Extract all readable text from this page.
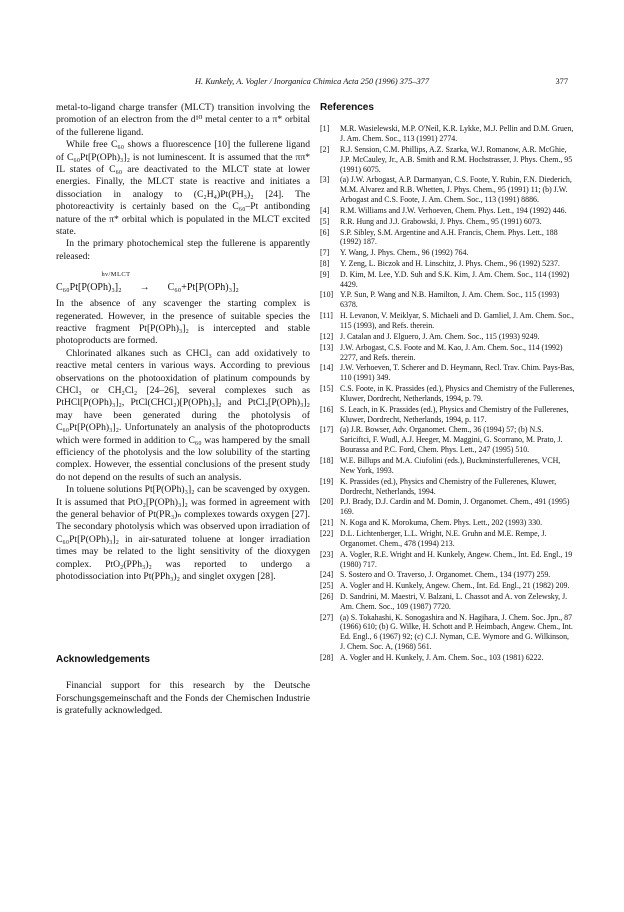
H. Kunkely, A. Vogler / Inorganica Chimica Acta 250 (1996) 375–377	377

metal-to-ligand charge transfer (MLCT) transition involving the promotion of an electron from the d¹⁰ metal center to a π* orbital of the fullerene ligand.

While free C₆₀ shows a fluorescence [10] the fullerene ligand of C₆₀Pt[P(OPh)₃]₂ is not luminescent. It is assumed that the ππ* IL states of C₆₀ are deactivated to the MLCT state at lower energies. Finally, the MLCT state is reactive and initiates a dissociation in analogy to (C₂H₄)Pt(PH₃)₂ [24]. The photoreactivity is certainly based on the C₆₀–Pt antibonding nature of the π* orbital which is populated in the MLCT excited state.

In the primary photochemical step the fullerene is apparently released:

hν/MLCT
C₆₀Pt[P(OPh)₃]₂	→	C₆₀+Pt[P(OPh)₃]₂

In the absence of any scavenger the starting complex is regenerated. However, in the presence of suitable species the reactive fragment Pt[P(OPh)₃]₂ is intercepted and stable photoproducts are formed.

Chlorinated alkanes such as CHCl₃ can add oxidatively to reactive metal centers in various ways. According to previous observations on the photooxidation of platinum compounds by CHCl₃ or CH₂Cl₂ [24–26], several complexes such as PtHCl[P(OPh)₃]₂, PtCl(CHCl₂)[P(OPh)₃]₂ and PtCl₂[P(OPh)₃]₂ may have been generated during the photolysis of C₆₀Pt[P(OPh)₃]₂. Unfortunately an analysis of the photoproducts which were formed in addition to C₆₀ was hampered by the small efficiency of the photolysis and the low solubility of the starting complex. However, the essential conclusions of the present study do not depend on the results of such an analysis.

In toluene solutions Pt[P(OPh)₃]₂ can be scavenged by oxygen. It is assumed that PtO₂[P(OPh)₃]₂ was formed in agreement with the general behavior of Pt(PR₃)ₙ complexes towards oxygen [27]. The secondary photolysis which was observed upon irradiation of C₆₀Pt[P(OPh)₃]₂ in air-saturated toluene at longer irradiation times may be related to the light sensitivity of the dioxygen complex. PtO₂(PPh₃)₂ was reported to undergo a photodissociation into Pt(PPh₃)₂ and singlet oxygen [28].

Acknowledgements
Financial support for this research by the Deutsche Forschungsgemeinschaft and the Fonds der Chemischen Industrie is gratefully acknowledged.
References
[1]	M.R. Wasielewski, M.P. O'Neil, K.R. Lykke, M.J. Pellin and D.M. Gruen, J. Am. Chem. Soc., 113 (1991) 2774.
[2]	R.J. Sension, C.M. Phillips, A.Z. Szarka, W.J. Romanow, A.R. McGhie, J.P. McCauley, Jr., A.B. Smith and R.M. Hochstrasser, J. Phys. Chem., 95 (1991) 6075.
[3]	(a) J.W. Arbogast, A.P. Darmanyan, C.S. Foote, Y. Rubin, F.N. Diederich, M.M. Alvarez and R.B. Whetten, J. Phys. Chem., 95 (1991) 11; (b) J.W. Arbogast and C.S. Foote, J. Am. Chem. Soc., 113 (1991) 8886.
[4]	R.M. Williams and J.W. Verhoeven, Chem. Phys. Lett., 194 (1992) 446.
[5]	R.R. Hung and J.J. Grabowski, J. Phys. Chem., 95 (1991) 6073.
[6]	S.P. Sibley, S.M. Argentine and A.H. Francis, Chem. Phys. Lett., 188 (1992) 187.
[7]	Y. Wang, J. Phys. Chem., 96 (1992) 764.
[8]	Y. Zeng, L. Biczok and H. Linschitz, J. Phys. Chem., 96 (1992) 5237.
[9]	D. Kim, M. Lee, Y.D. Suh and S.K. Kim, J. Am. Chem. Soc., 114 (1992) 4429.
[10] Y.P. Sun, P. Wang and N.B. Hamilton, J. Am. Chem. Soc., 115 (1993) 6378.
[11] H. Levanon, V. Meiklyar, S. Michaeli and D. Gamliel, J. Am. Chem. Soc., 115 (1993), and Refs. therein.
[12] J. Catalan and J. Elguero, J. Am. Chem. Soc., 115 (1993) 9249.
[13] J.W. Arbogast, C.S. Foote and M. Kao, J. Am. Chem. Soc., 114 (1992) 2277, and Refs. therein.
[14] J.W. Verhoeven, T. Scherer and D. Heymann, Recl. Trav. Chim. Pays-Bas, 110 (1991) 349.
[15] C.S. Foote, in K. Prassides (ed.), Physics and Chemistry of the Fullerenes, Kluwer, Dordrecht, Netherlands, 1994, p. 79.
[16] S. Leach, in K. Prassides (ed.), Physics and Chemistry of the Fullerenes, Kluwer, Dordrecht, Netherlands, 1994, p. 117.
[17] (a) J.R. Bowser, Adv. Organomet. Chem., 36 (1994) 57; (b) N.S. Sariciftci, F. Wudl, A.J. Heeger, M. Maggini, G. Scorrano, M. Prato, J. Bourassa and P.C. Ford, Chem. Phys. Lett., 247 (1995) 510.
[18] W.E. Billups and M.A. Ciufolini (eds.), Buckminsterfullerenes, VCH, New York, 1993.
[19] K. Prassides (ed.), Physics and Chemistry of the Fullerenes, Kluwer, Dordrecht, Netherlands, 1994.
[20] P.J. Brady, D.J. Cardin and M. Domin, J. Organomet. Chem., 491 (1995) 169.
[21] N. Koga and K. Morokuma, Chem. Phys. Lett., 202 (1993) 330.
[22] D.L. Lichtenberger, L.L. Wright, N.E. Gruhn and M.E. Rempe, J. Organomet. Chem., 478 (1994) 213.
[23] A. Vogler, R.E. Wright and H. Kunkely, Angew. Chem., Int. Ed. Engl., 19 (1980) 717.
[24] S. Sostero and O. Traverso, J. Organomet. Chem., 134 (1977) 259.
[25] A. Vogler and H. Kunkely, Angew. Chem., Int. Ed. Engl., 21 (1982) 209.
[26] D. Sandrini, M. Maestri, V. Balzani, L. Chassot and A. von Zelewsky, J. Am. Chem. Soc., 109 (1987) 7720.
[27] (a) S. Tokahashi, K. Sonogashira and N. Hagihara, J. Chem. Soc. Jpn., 87 (1966) 610; (b) G. Wilke, H. Schott and P. Heimbach, Angew. Chem., Int. Ed. Engl., 6 (1967) 92; (c) C.J. Nyman, C.E. Wymore and G. Wilkinson, J. Chem. Soc. A, (1968) 561.
[28] A. Vogler and H. Kunkely, J. Am. Chem. Soc., 103 (1981) 6222.
